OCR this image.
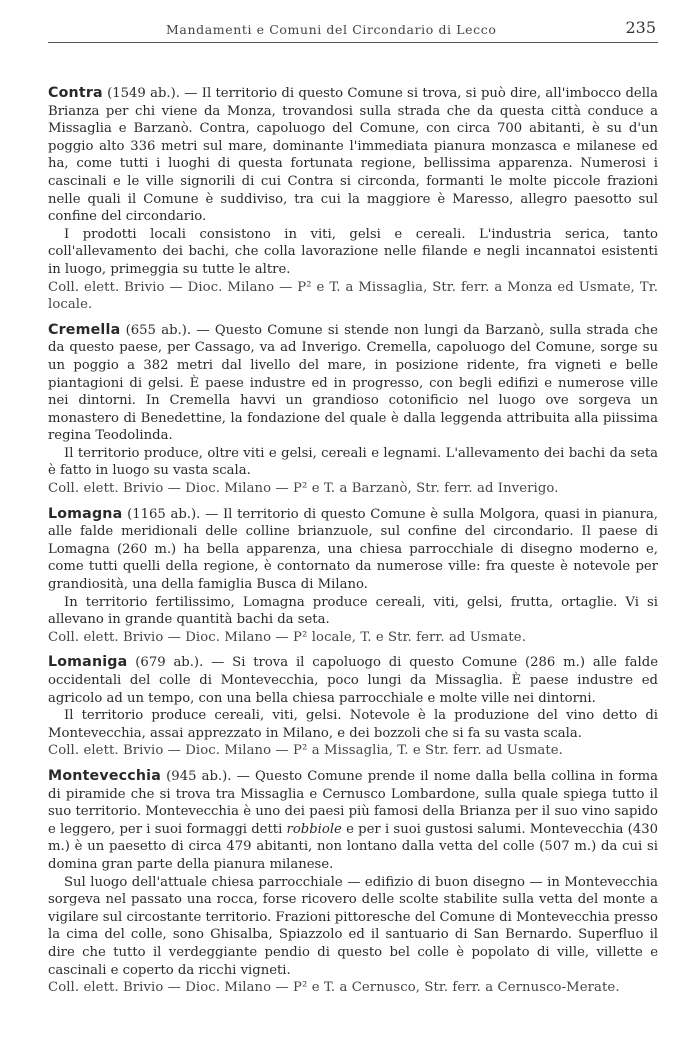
Mandamenti e Comuni del Circondario di Lecco	235

Contra (1549 ab.). — Il territorio di questo Comune si trova, si può dire, all'imbocco della Brianza per chi viene da Monza, trovandosi sulla strada che da questa città conduce a Missaglia e Barzanò. Contra, capoluogo del Comune, con circa 700 abitanti, è su d'un poggio alto 336 metri sul mare, dominante l'immediata pianura monzasca e milanese ed ha, come tutti i luoghi di questa fortunata regione, bellissima apparenza. Numerosi i cascinali e le ville signorili di cui Contra si circonda, formanti le molte piccole frazioni nelle quali il Comune è suddiviso, tra cui la maggiore è Maresso, allegro paesotto sul confine del circondario.

I prodotti locali consistono in viti, gelsi e cereali. L'industria serica, tanto coll'allevamento dei bachi, che colla lavorazione nelle filande e negli incannatoi esistenti in luogo, primeggia su tutte le altre.

Coll. elett. Brivio — Dioc. Milano — P² e T. a Missaglia, Str. ferr. a Monza ed Usmate, Tr. locale.

Cremella (655 ab.). — Questo Comune si stende non lungi da Barzanò, sulla strada che da questo paese, per Cassago, va ad Inverigo. Cremella, capoluogo del Comune, sorge su un poggio a 382 metri dal livello del mare, in posizione ridente, fra vigneti e belle piantagioni di gelsi. È paese industre ed in progresso, con begli edifizi e numerose ville nei dintorni. In Cremella havvi un grandioso cotonificio nel luogo ove sorgeva un monastero di Benedettine, la fondazione del quale è dalla leggenda attribuita alla piissima regina Teodolinda.

Il territorio produce, oltre viti e gelsi, cereali e legnami. L'allevamento dei bachi da seta è fatto in luogo su vasta scala.

Coll. elett. Brivio — Dioc. Milano — P² e T. a Barzanò, Str. ferr. ad Inverigo.

Lomagna (1165 ab.). — Il territorio di questo Comune è sulla Molgora, quasi in pianura, alle falde meridionali delle colline brianzuole, sul confine del circondario. Il paese di Lomagna (260 m.) ha bella apparenza, una chiesa parrocchiale di disegno moderno e, come tutti quelli della regione, è contornato da numerose ville: fra queste è notevole per grandiosità, una della famiglia Busca di Milano.

In territorio fertilissimo, Lomagna produce cereali, viti, gelsi, frutta, ortaglie. Vi si allevano in grande quantità bachi da seta.

Coll. elett. Brivio — Dioc. Milano — P² locale, T. e Str. ferr. ad Usmate.

Lomaniga (679 ab.). — Si trova il capoluogo di questo Comune (286 m.) alle falde occidentali del colle di Montevecchia, poco lungi da Missaglia. È paese industre ed agricolo ad un tempo, con una bella chiesa parrocchiale e molte ville nei dintorni.

Il territorio produce cereali, viti, gelsi. Notevole è la produzione del vino detto di Montevecchia, assai apprezzato in Milano, e dei bozzoli che si fa su vasta scala.

Coll. elett. Brivio — Dioc. Milano — P² a Missaglia, T. e Str. ferr. ad Usmate.

Montevecchia (945 ab.). — Questo Comune prende il nome dalla bella collina in forma di piramide che si trova tra Missaglia e Cernusco Lombardone, sulla quale spiega tutto il suo territorio. Montevecchia è uno dei paesi più famosi della Brianza per il suo vino sapido e leggero, per i suoi formaggi detti robbiole e per i suoi gustosi salumi. Montevecchia (430 m.) è un paesetto di circa 479 abitanti, non lontano dalla vetta del colle (507 m.) da cui si domina gran parte della pianura milanese.

Sul luogo dell'attuale chiesa parrocchiale — edifizio di buon disegno — in Montevecchia sorgeva nel passato una rocca, forse ricovero delle scolte stabilite sulla vetta del monte a vigilare sul circostante territorio. Frazioni pittoresche del Comune di Montevecchia presso la cima del colle, sono Ghisalba, Spiazzolo ed il santuario di San Bernardo. Superfluo il dire che tutto il verdeggiante pendio di questo bel colle è popolato di ville, villette e cascinali e coperto da ricchi vigneti.

Coll. elett. Brivio — Dioc. Milano — P² e T. a Cernusco, Str. ferr. a Cernusco-Merate.
